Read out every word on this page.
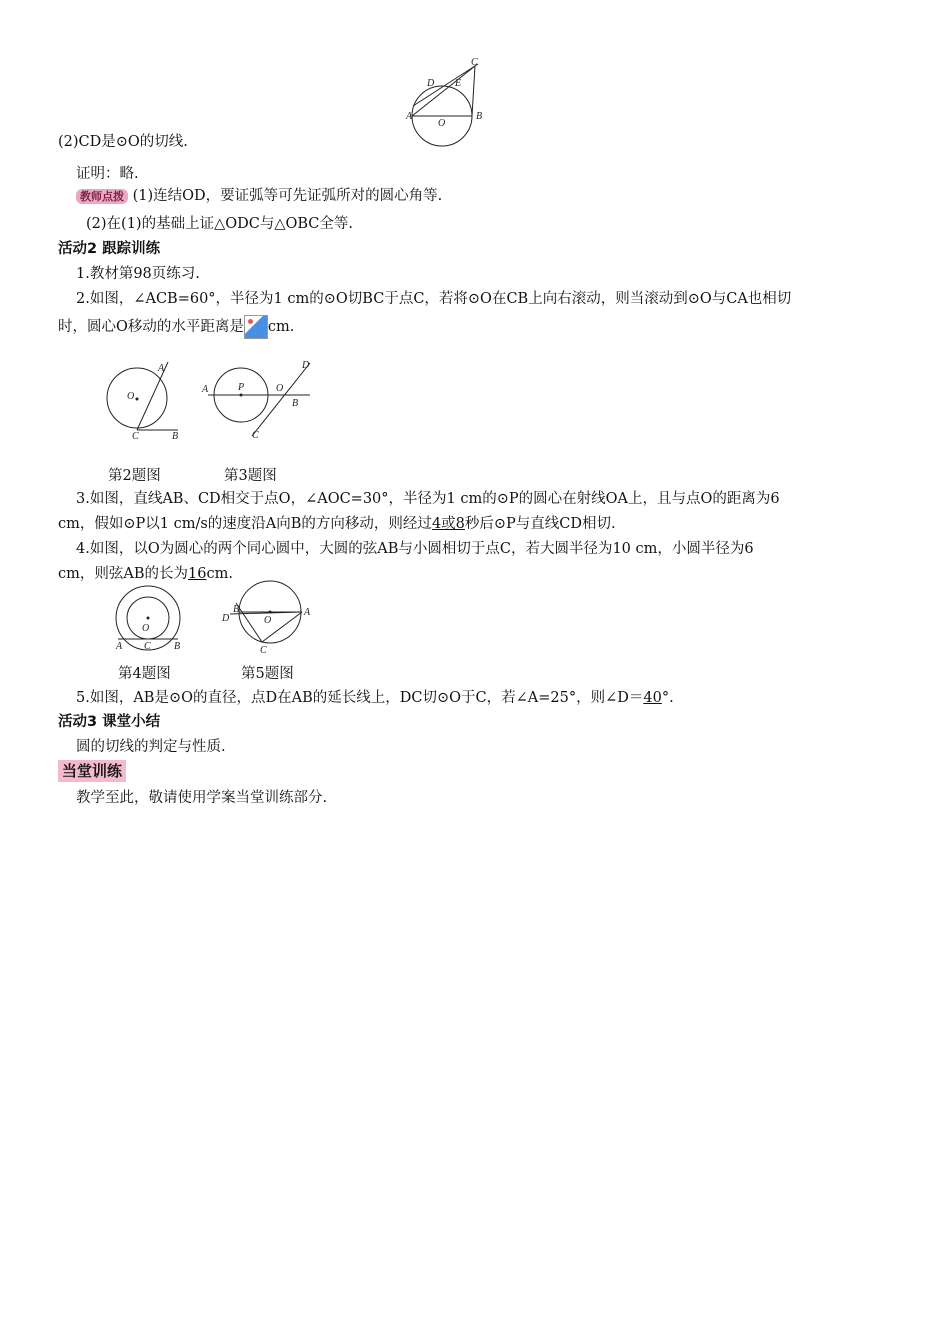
C
D E
A
O
B
(2)CD是⊙O的切线.
证明：略.
教师点拨 (1)连结OD，要证弧等可先证弧所对的圆心角等.
(2)在(1)的基础上证△ODC与△OBC全等.
活动2 跟踪训练
1.教材第98页练习.
2.如图，∠ACB=60°，半径为1 cm的⊙O切BC于点C，若将⊙O在CB上向右滚动，则当滚动到⊙O与CA也相切
时，圆心O移动的水平距离是 cm.
A
O
C	B
D
A	P	O
B
C
第2题图	第3题图
3.如图，直线AB、CD相交于点O，∠AOC=30°，半径为1 cm的⊙P的圆心在射线OA上，且与点O的距离为6
cm，假如⊙P以1 cm/s的速度沿A向B的方向移动，则经过4或8秒后⊙P与直线CD相切.
4.如图，以O为圆心的两个同心圆中，大圆的弦AB与小圆相切于点C，若大圆半径为10 cm，小圆半径为6
cm，则弦AB的长为16cm.
O
A C B
B	A
D	O
C
第4题图	第5题图
5.如图，AB是⊙O的直径，点D在AB的延长线上，DC切⊙O于C，若∠A=25°，则∠D＝40°.
活动3 课堂小结
圆的切线的判定与性质.
当堂训练
教学至此，敬请使用学案当堂训练部分.
